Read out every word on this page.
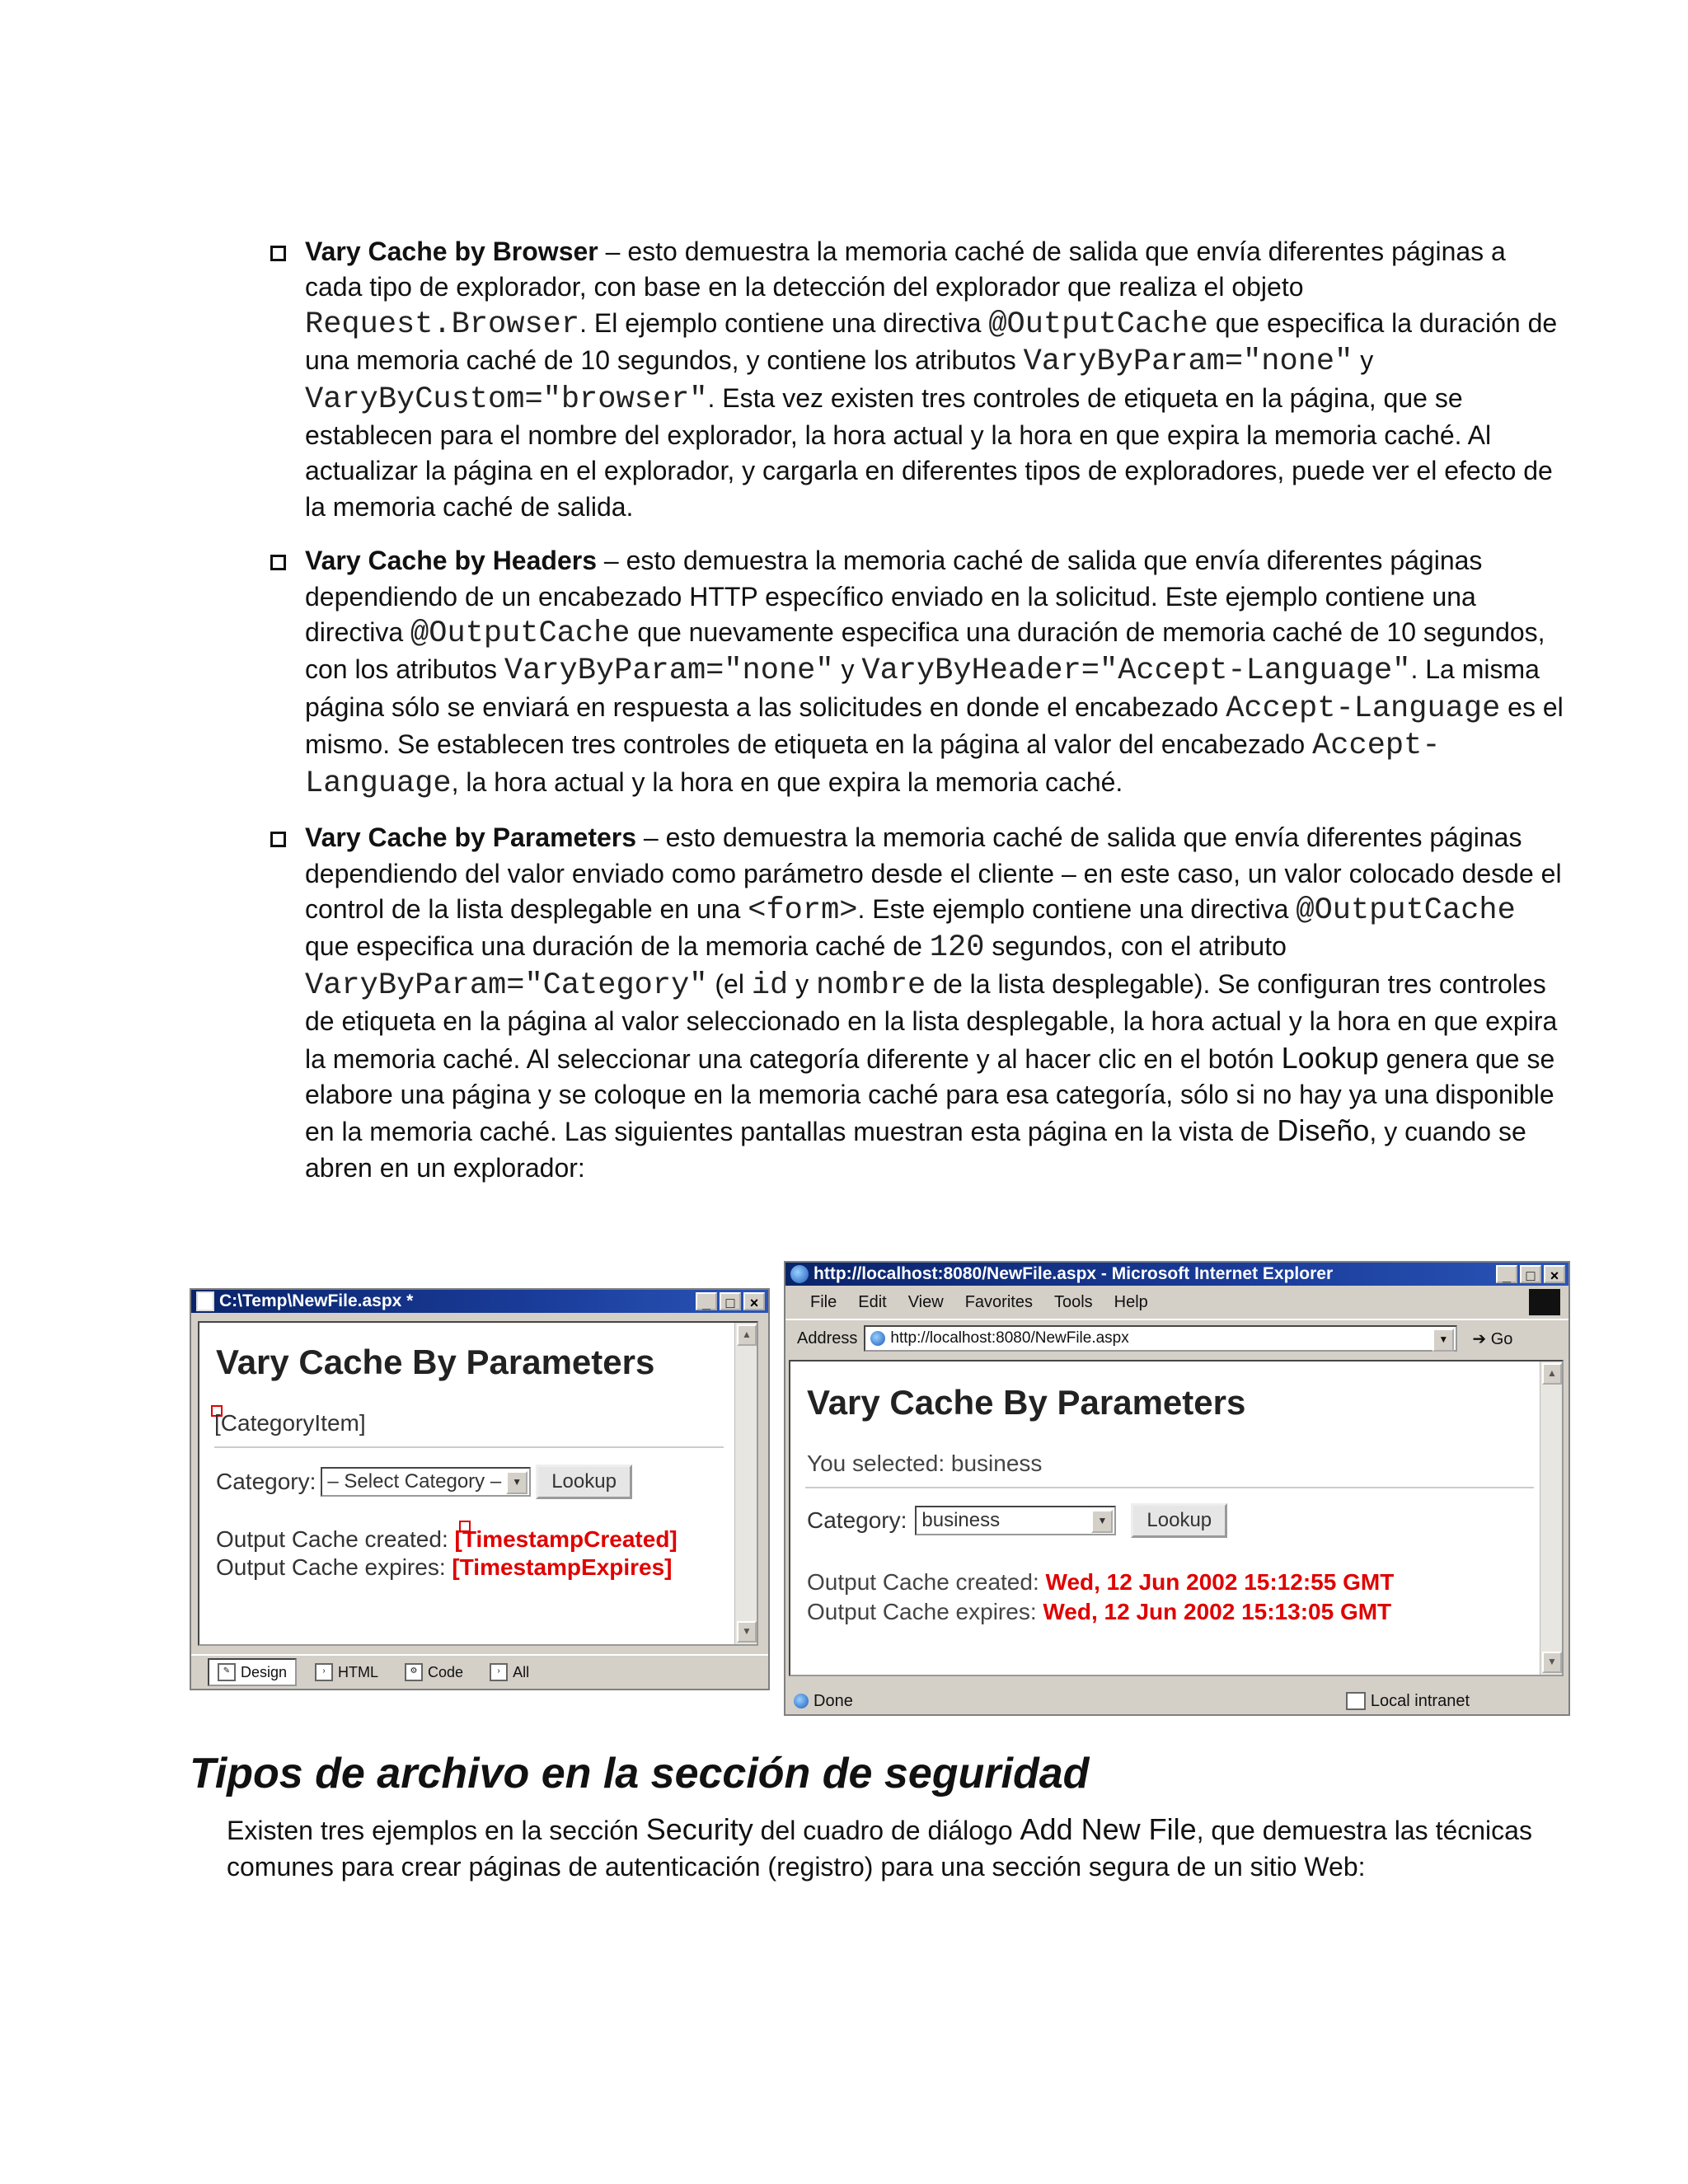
Vary Cache by Browser – esto demuestra la memoria caché de salida que envía diferentes páginas a cada tipo de explorador, con base en la detección del explorador que realiza el objeto Request.Browser. El ejemplo contiene una directiva @OutputCache que especifica la duración de una memoria caché de 10 segundos, y contiene los atributos VaryByParam="none" y VaryByCustom="browser". Esta vez existen tres controles de etiqueta en la página, que se establecen para el nombre del explorador, la hora actual y la hora en que expira la memoria caché. Al actualizar la página en el explorador, y cargarla en diferentes tipos de exploradores, puede ver el efecto de la memoria caché de salida.
Vary Cache by Headers – esto demuestra la memoria caché de salida que envía diferentes páginas dependiendo de un encabezado HTTP específico enviado en la solicitud. Este ejemplo contiene una directiva @OutputCache que nuevamente especifica una duración de memoria caché de 10 segundos, con los atributos VaryByParam="none" y VaryByHeader="Accept-Language". La misma página sólo se enviará en respuesta a las solicitudes en donde el encabezado Accept-Language es el mismo. Se establecen tres controles de etiqueta en la página al valor del encabezado Accept- Language, la hora actual y la hora en que expira la memoria caché.
Vary Cache by Parameters – esto demuestra la memoria caché de salida que envía diferentes páginas dependiendo del valor enviado como parámetro desde el cliente – en este caso, un valor colocado desde el control de la lista desplegable en una <form>. Este ejemplo contiene una directiva @OutputCache que especifica una duración de la memoria caché de 120 segundos, con el atributo VaryByParam="Category" (el id y nombre de la lista desplegable). Se configuran tres controles de etiqueta en la página al valor seleccionado en la lista desplegable, la hora actual y la hora en que expira la memoria caché. Al seleccionar una categoría diferente y al hacer clic en el botón Lookup genera que se elabore una página y se coloque en la memoria caché para esa categoría, sólo si no hay ya una disponible en la memoria caché. Las siguientes pantallas muestran esta página en la vista de Diseño, y cuando se abren en un explorador:
C:\Temp\NewFile.aspx *	_	□	×
▲
▼
Vary Cache By Parameters
[CategoryItem]
Category: – Select Category –	▼	Lookup
Output Cache created: [TimestampCreated]
Output Cache expires: [TimestampExpires]
✎ Design	› HTML	⚙ Code	› All
http://localhost:8080/NewFile.aspx - Microsoft Internet Explorer	_	□	×
File Edit View Favorites Tools Help
Address http://localhost:8080/NewFile.aspx	▼	➔ Go
▲
▼
Vary Cache By Parameters
You selected: business
Category: business	▼	Lookup
Output Cache created: Wed, 12 Jun 2002 15:12:55 GMT
Output Cache expires: Wed, 12 Jun 2002 15:13:05 GMT
Done	Local intranet
Tipos de archivo en la sección de seguridad
Existen tres ejemplos en la sección Security del cuadro de diálogo Add New File, que demuestra las técnicas comunes para crear páginas de autenticación (registro) para una sección segura de un sitio Web:
